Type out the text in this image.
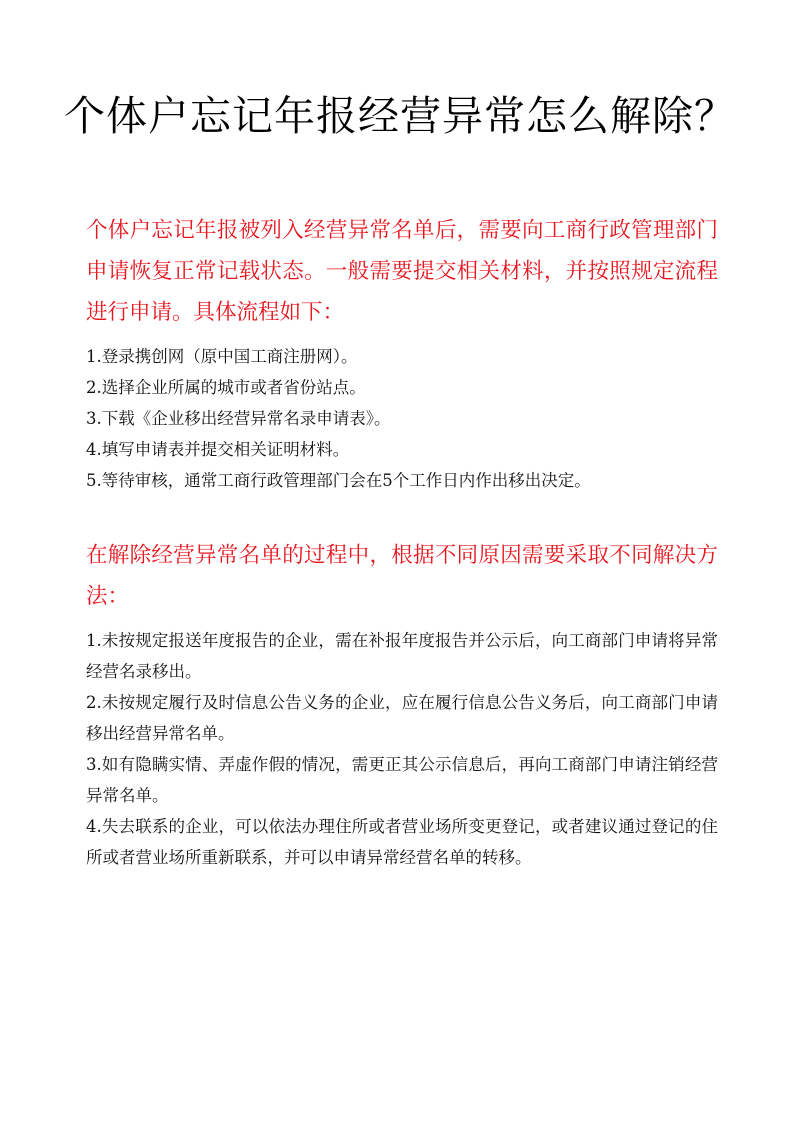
个体户忘记年报经营异常怎么解除？

个体户忘记年报被列入经营异常名单后，需要向工商行政管理部门申请恢复正常记载状态。一般需要提交相关材料，并按照规定流程进行申请。具体流程如下：

1.登录携创网（原中国工商注册网）。
2.选择企业所属的城市或者省份站点。
3.下载《企业移出经营异常名录申请表》。
4.填写申请表并提交相关证明材料。
5.等待审核，通常工商行政管理部门会在5个工作日内作出移出决定。

在解除经营异常名单的过程中，根据不同原因需要采取不同解决方法：

1.未按规定报送年度报告的企业，需在补报年度报告并公示后，向工商部门申请将异常经营名录移出。
2.未按规定履行及时信息公告义务的企业，应在履行信息公告义务后，向工商部门申请移出经营异常名单。
3.如有隐瞒实情、弄虚作假的情况，需更正其公示信息后，再向工商部门申请注销经营异常名单。
4.失去联系的企业，可以依法办理住所或者营业场所变更登记，或者建议通过登记的住所或者营业场所重新联系，并可以申请异常经营名单的转移。
